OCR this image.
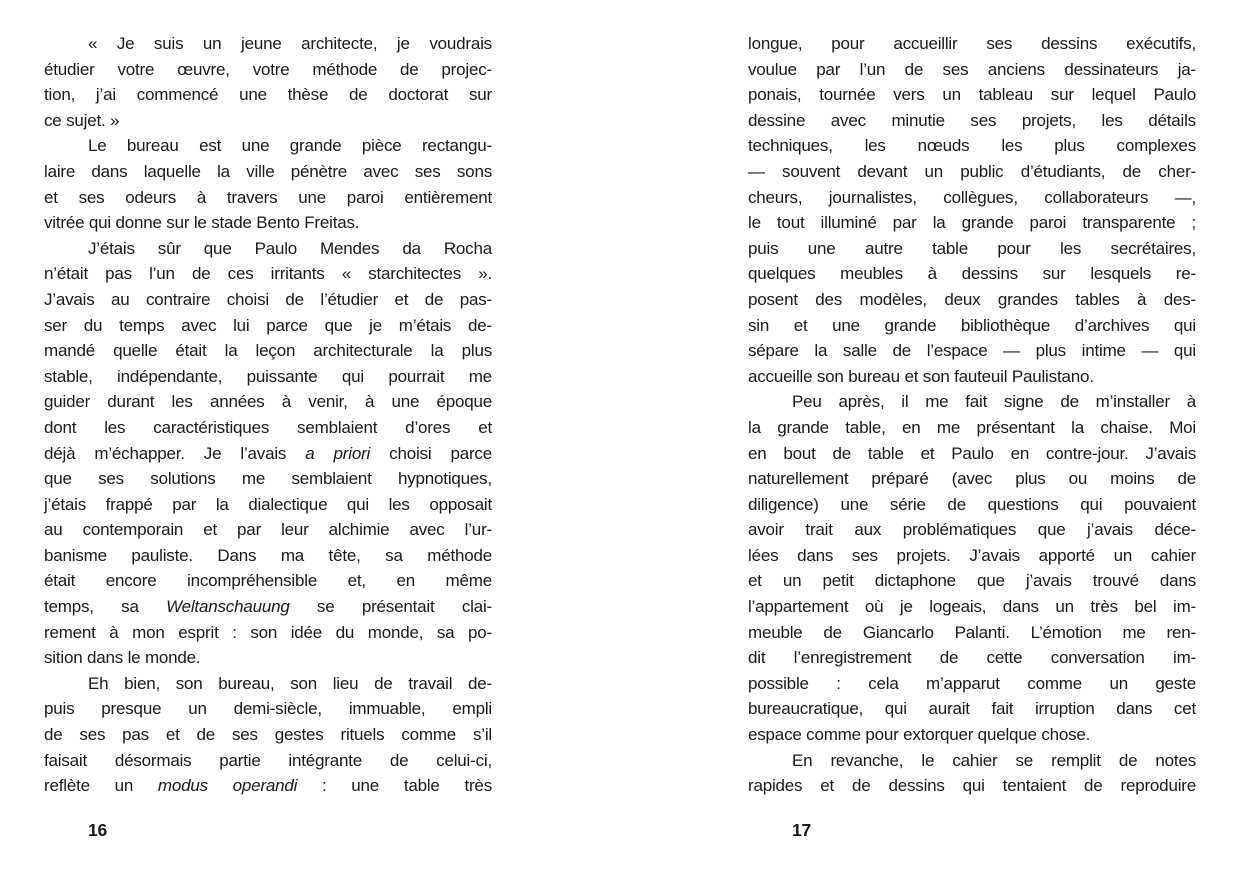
« Je suis un jeune architecte, je voudrais
étudier votre œuvre, votre méthode de projec-
tion, j’ai commencé une thèse de doctorat sur
ce sujet. »
Le bureau est une grande pièce rectangu-
laire dans laquelle la ville pénètre avec ses sons
et ses odeurs à travers une paroi entièrement
vitrée qui donne sur le stade Bento Freitas.
J’étais sûr que Paulo Mendes da Rocha
n’était pas l’un de ces irritants « starchitectes ».
J’avais au contraire choisi de l’étudier et de pas-
ser du temps avec lui parce que je m’étais de-
mandé quelle était la leçon architecturale la plus
stable, indépendante, puissante qui pourrait me
guider durant les années à venir, à une époque
dont les caractéristiques semblaient d’ores et
déjà m’échapper. Je l’avais a priori choisi parce
que ses solutions me semblaient hypnotiques,
j’étais frappé par la dialectique qui les opposait
au contemporain et par leur alchimie avec l’ur-
banisme pauliste. Dans ma tête, sa méthode
était encore incompréhensible et, en même
temps, sa Weltanschauung se présentait clai-
rement à mon esprit : son idée du monde, sa po-
sition dans le monde.
Eh bien, son bureau, son lieu de travail de-
puis presque un demi-siècle, immuable, empli
de ses pas et de ses gestes rituels comme s’il
faisait désormais partie intégrante de celui-ci,
reflète un modus operandi : une table très
16
longue, pour accueillir ses dessins exécutifs,
voulue par l’un de ses anciens dessinateurs ja-
ponais, tournée vers un tableau sur lequel Paulo
dessine avec minutie ses projets, les détails
techniques, les nœuds les plus complexes
— souvent devant un public d’étudiants, de cher-
cheurs, journalistes, collègues, collaborateurs —,
le tout illuminé par la grande paroi transparente ;
puis une autre table pour les secrétaires,
quelques meubles à dessins sur lesquels re-
posent des modèles, deux grandes tables à des-
sin et une grande bibliothèque d’archives qui
sépare la salle de l’espace — plus intime — qui
accueille son bureau et son fauteuil Paulistano.
Peu après, il me fait signe de m’installer à
la grande table, en me présentant la chaise. Moi
en bout de table et Paulo en contre-jour. J’avais
naturellement préparé (avec plus ou moins de
diligence) une série de questions qui pouvaient
avoir trait aux problématiques que j’avais déce-
lées dans ses projets. J’avais apporté un cahier
et un petit dictaphone que j’avais trouvé dans
l’appartement où je logeais, dans un très bel im-
meuble de Giancarlo Palanti. L’émotion me ren-
dit l’enregistrement de cette conversation im-
possible : cela m’apparut comme un geste
bureaucratique, qui aurait fait irruption dans cet
espace comme pour extorquer quelque chose.
En revanche, le cahier se remplit de notes
rapides et de dessins qui tentaient de reproduire
17
